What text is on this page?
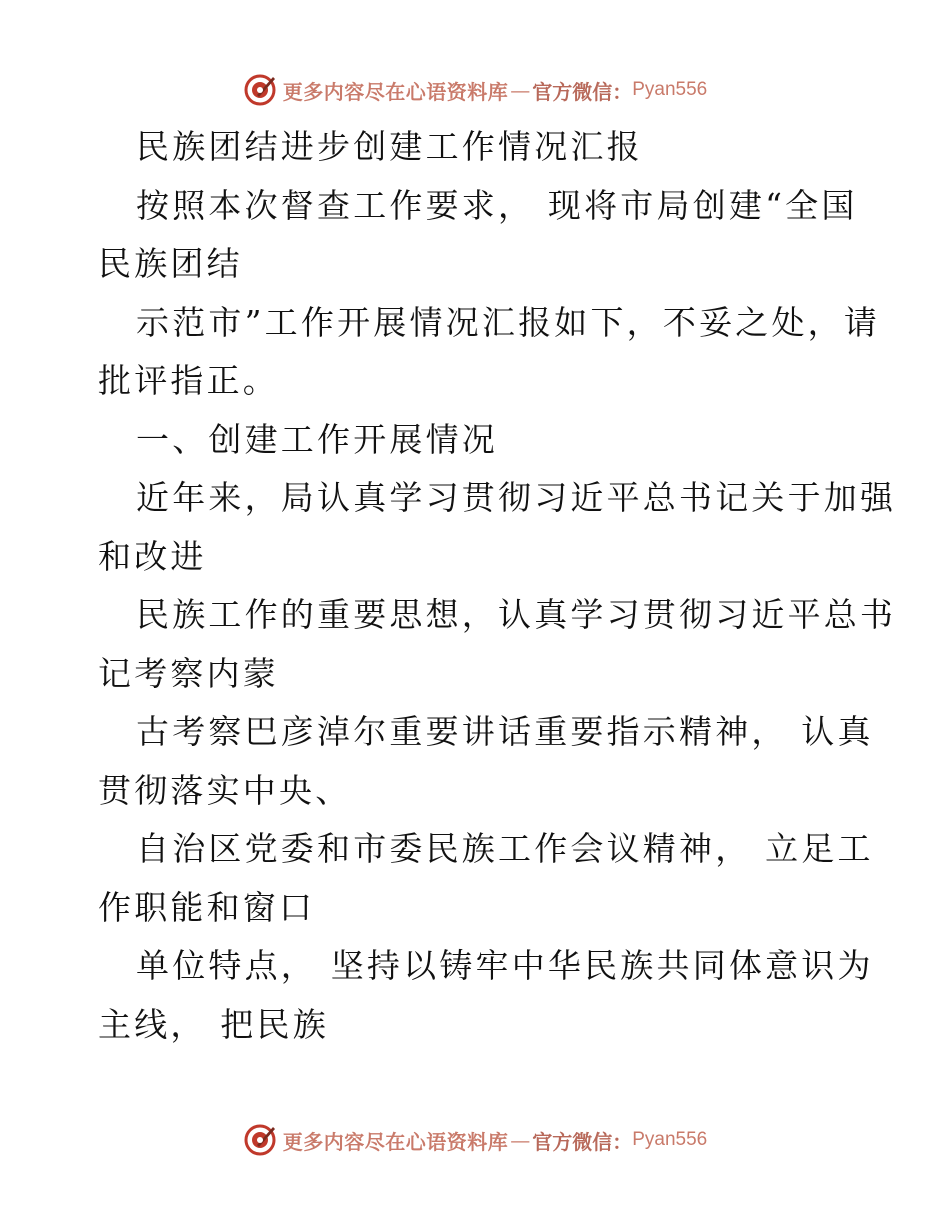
更多内容尽在心语资料库 — 官方微信： Pyan556
民族团结进步创建工作情况汇报
按照本次督查工作要求， 现将市局创建“全国
民族团结
示范市”工作开展情况汇报如下，不妥之处，请
批评指正。
一、创建工作开展情况
近年来，局认真学习贯彻习近平总书记关于加强
和改进
民族工作的重要思想，认真学习贯彻习近平总书
记考察内蒙
古考察巴彦淖尔重要讲话重要指示精神， 认真
贯彻落实中央、
自治区党委和市委民族工作会议精神， 立足工
作职能和窗口
单位特点， 坚持以铸牢中华民族共同体意识为
主线， 把民族
更多内容尽在心语资料库 — 官方微信： Pyan556
